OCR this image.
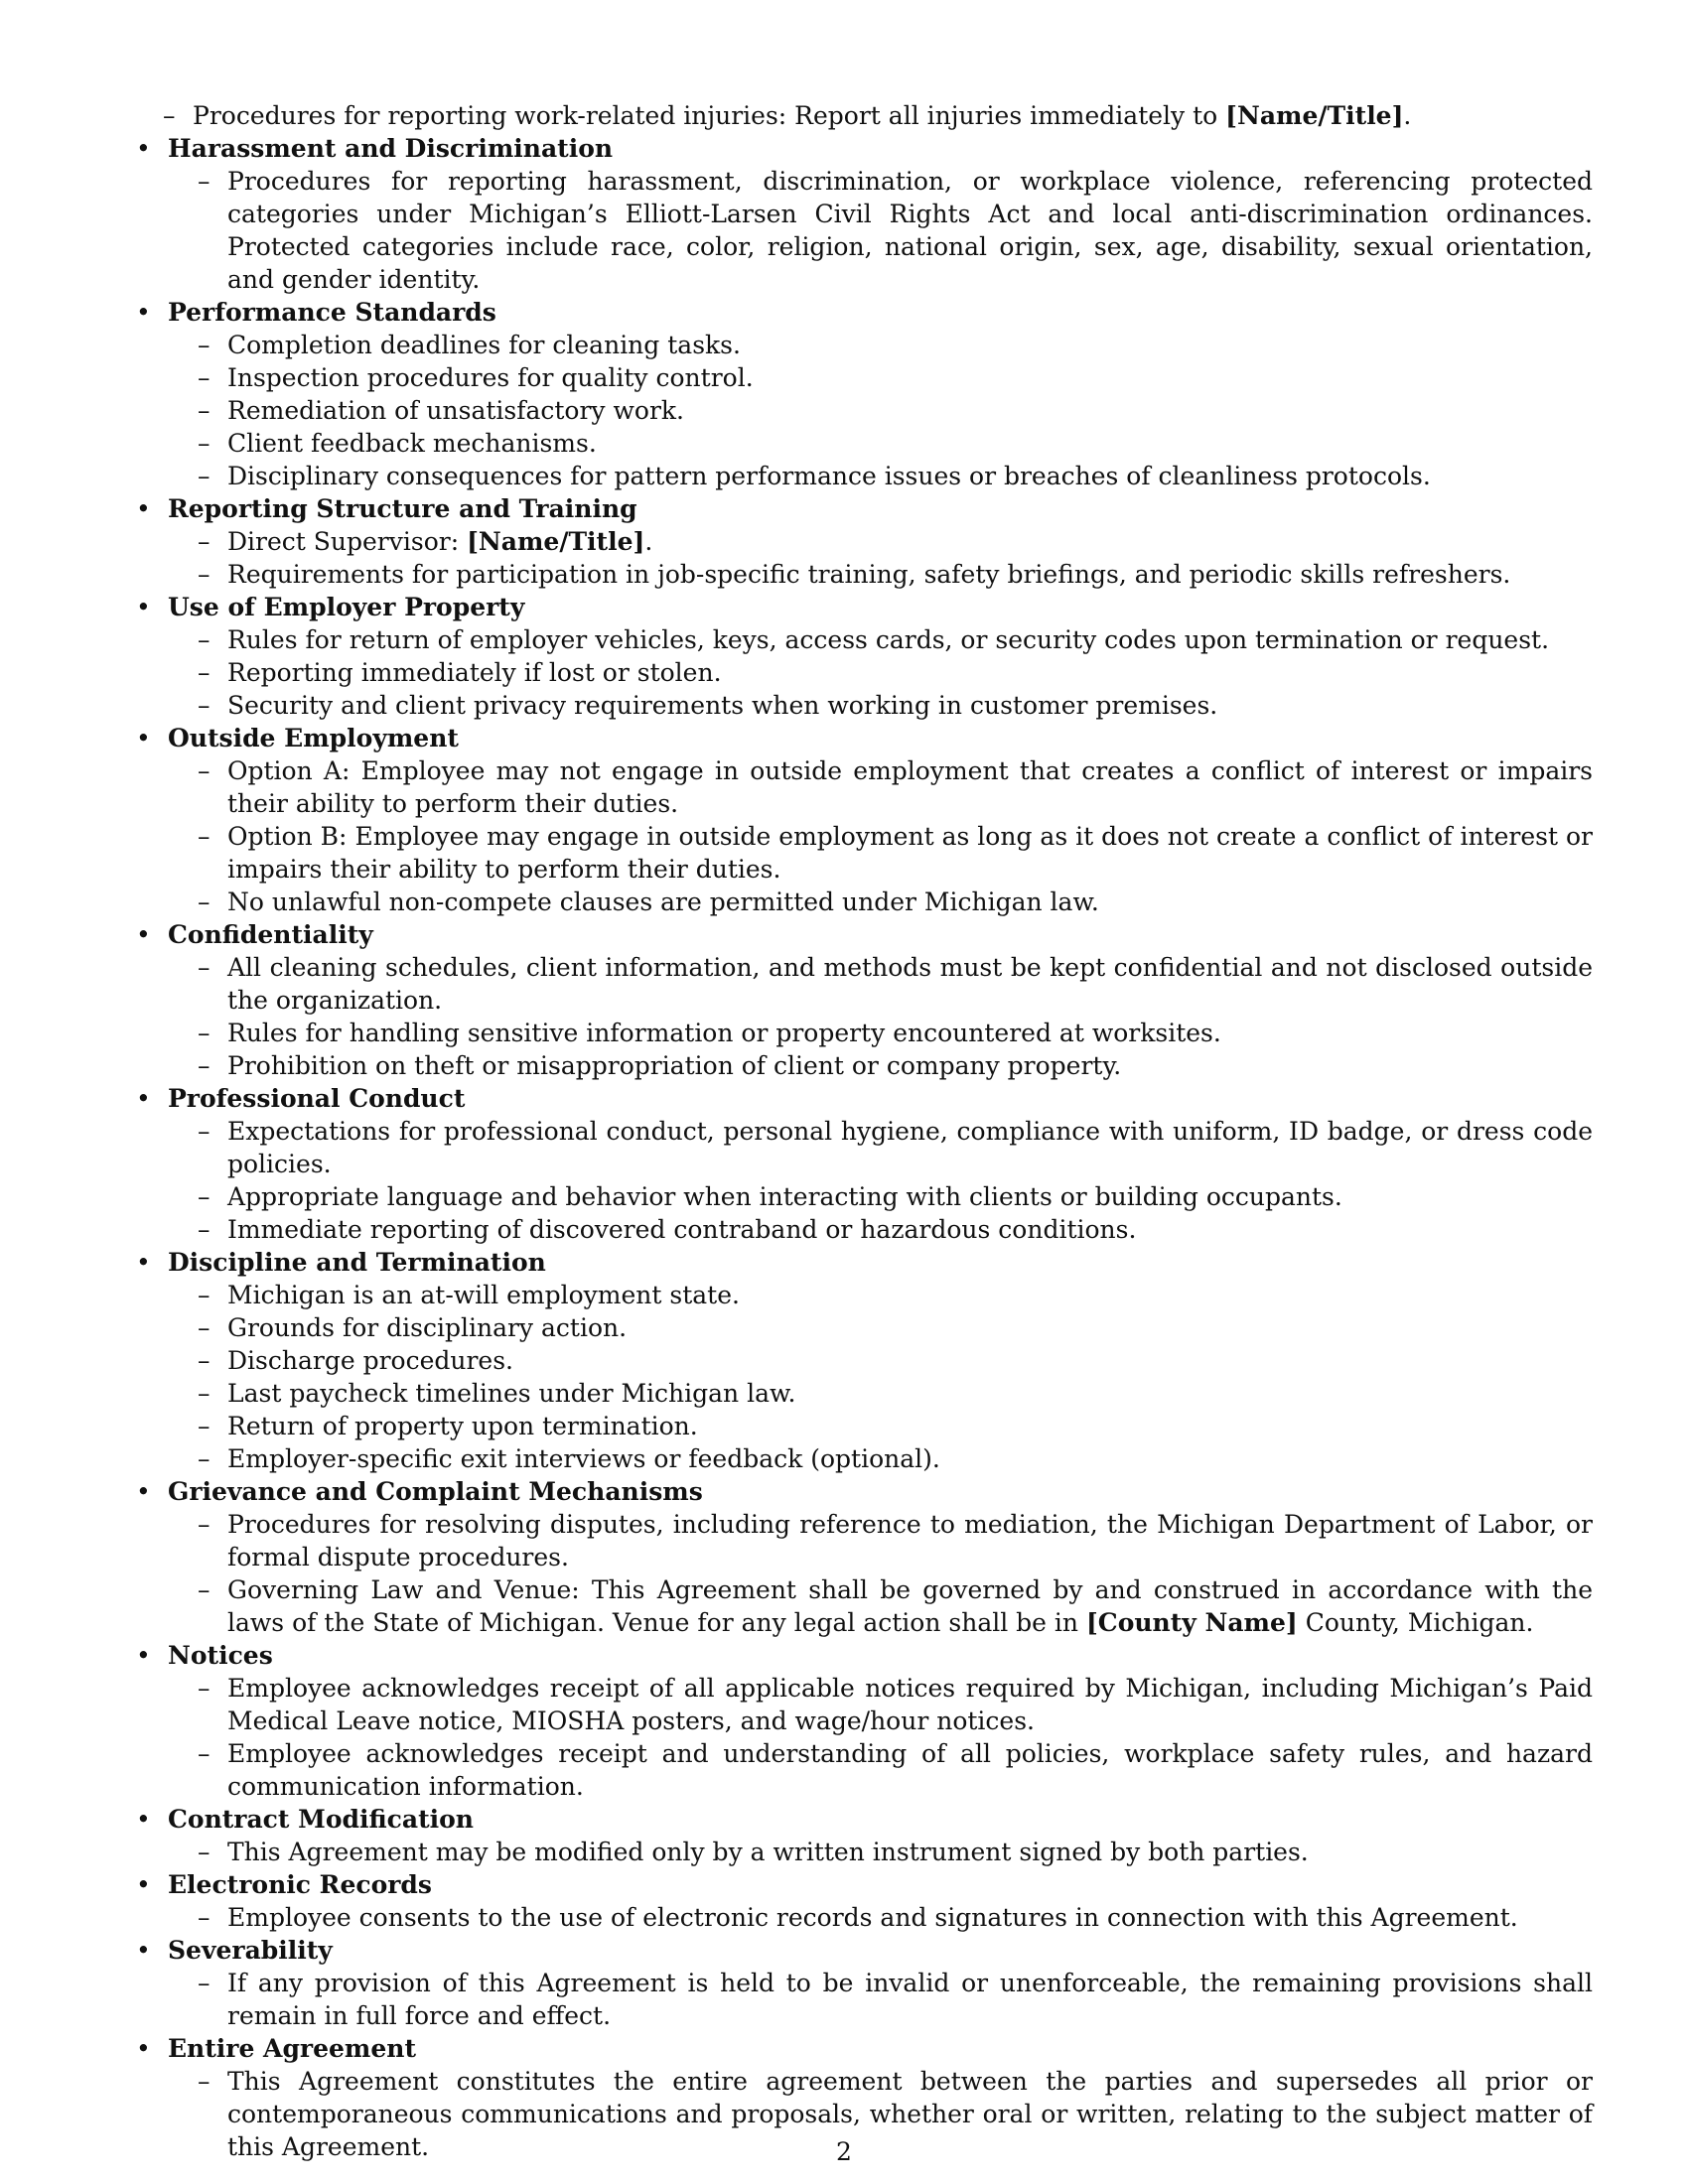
– Procedures for reporting work-related injuries: Report all injuries immediately to [Name/Title].
• Harassment and Discrimination
– Procedures for reporting harassment, discrimination, or workplace violence, referencing protected categories under Michigan’s Elliott-Larsen Civil Rights Act and local anti-discrimination ordinances. Protected categories include race, color, religion, national origin, sex, age, disability, sexual orientation, and gender identity.
• Performance Standards
– Completion deadlines for cleaning tasks.
– Inspection procedures for quality control.
– Remediation of unsatisfactory work.
– Client feedback mechanisms.
– Disciplinary consequences for pattern performance issues or breaches of cleanliness protocols.
• Reporting Structure and Training
– Direct Supervisor: [Name/Title].
– Requirements for participation in job-specific training, safety briefings, and periodic skills refreshers.
• Use of Employer Property
– Rules for return of employer vehicles, keys, access cards, or security codes upon termination or request.
– Reporting immediately if lost or stolen.
– Security and client privacy requirements when working in customer premises.
• Outside Employment
– Option A: Employee may not engage in outside employment that creates a conflict of interest or impairs their ability to perform their duties.
– Option B: Employee may engage in outside employment as long as it does not create a conflict of interest or impairs their ability to perform their duties.
– No unlawful non-compete clauses are permitted under Michigan law.
• Confidentiality
– All cleaning schedules, client information, and methods must be kept confidential and not disclosed outside the organization.
– Rules for handling sensitive information or property encountered at worksites.
– Prohibition on theft or misappropriation of client or company property.
• Professional Conduct
– Expectations for professional conduct, personal hygiene, compliance with uniform, ID badge, or dress code policies.
– Appropriate language and behavior when interacting with clients or building occupants.
– Immediate reporting of discovered contraband or hazardous conditions.
• Discipline and Termination
– Michigan is an at-will employment state.
– Grounds for disciplinary action.
– Discharge procedures.
– Last paycheck timelines under Michigan law.
– Return of property upon termination.
– Employer-specific exit interviews or feedback (optional).
• Grievance and Complaint Mechanisms
– Procedures for resolving disputes, including reference to mediation, the Michigan Department of Labor, or formal dispute procedures.
– Governing Law and Venue: This Agreement shall be governed by and construed in accordance with the laws of the State of Michigan. Venue for any legal action shall be in [County Name] County, Michigan.
• Notices
– Employee acknowledges receipt of all applicable notices required by Michigan, including Michigan’s Paid Medical Leave notice, MIOSHA posters, and wage/hour notices.
– Employee acknowledges receipt and understanding of all policies, workplace safety rules, and hazard communication information.
• Contract Modification
– This Agreement may be modified only by a written instrument signed by both parties.
• Electronic Records
– Employee consents to the use of electronic records and signatures in connection with this Agreement.
• Severability
– If any provision of this Agreement is held to be invalid or unenforceable, the remaining provisions shall remain in full force and effect.
• Entire Agreement
– This Agreement constitutes the entire agreement between the parties and supersedes all prior or contemporaneous communications and proposals, whether oral or written, relating to the subject matter of this Agreement.	2
